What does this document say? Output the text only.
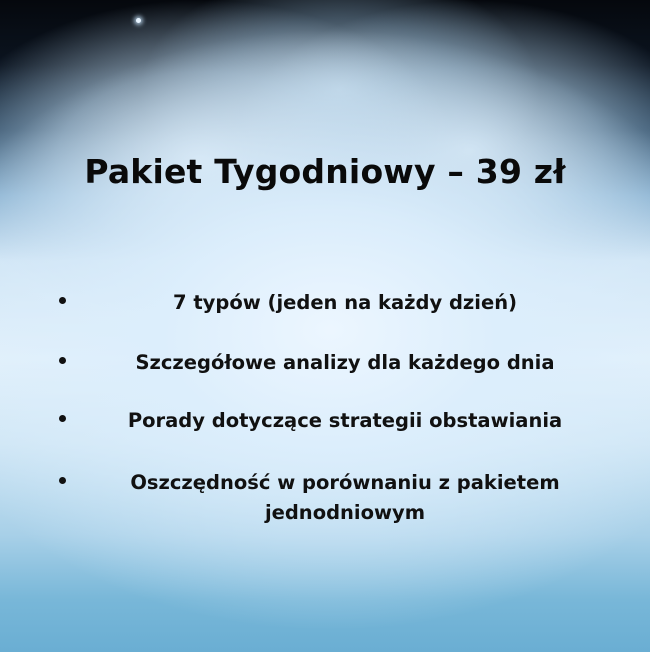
Pakiet Tygodniowy – 39 zł
7 typów (jeden na każdy dzień)
Szczegółowe analizy dla każdego dnia
Porady dotyczące strategii obstawiania
Oszczędność w porównaniu z pakietem jednodniowym
